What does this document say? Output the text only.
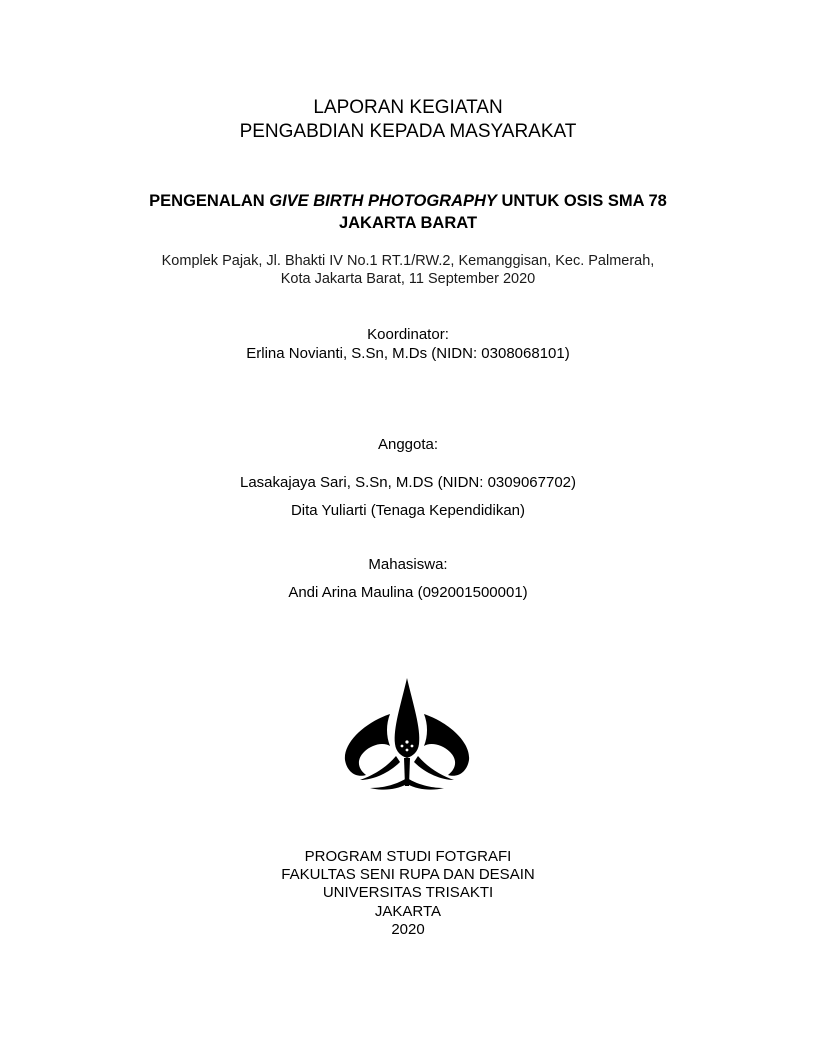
LAPORAN KEGIATAN
PENGABDIAN KEPADA MASYARAKAT
PENGENALAN GIVE BIRTH PHOTOGRAPHY UNTUK OSIS SMA 78
JAKARTA BARAT
Komplek Pajak, Jl. Bhakti IV No.1 RT.1/RW.2, Kemanggisan, Kec. Palmerah,
Kota Jakarta Barat, 11 September 2020
Koordinator:
Erlina Novianti, S.Sn, M.Ds (NIDN: 0308068101)
Anggota:
Lasakajaya Sari, S.Sn, M.DS (NIDN: 0309067702)
Dita Yuliarti (Tenaga Kependidikan)
Mahasiswa:
Andi Arina Maulina (092001500001)
PROGRAM STUDI FOTGRAFI
FAKULTAS SENI RUPA DAN DESAIN
UNIVERSITAS TRISAKTI
JAKARTA
2020
